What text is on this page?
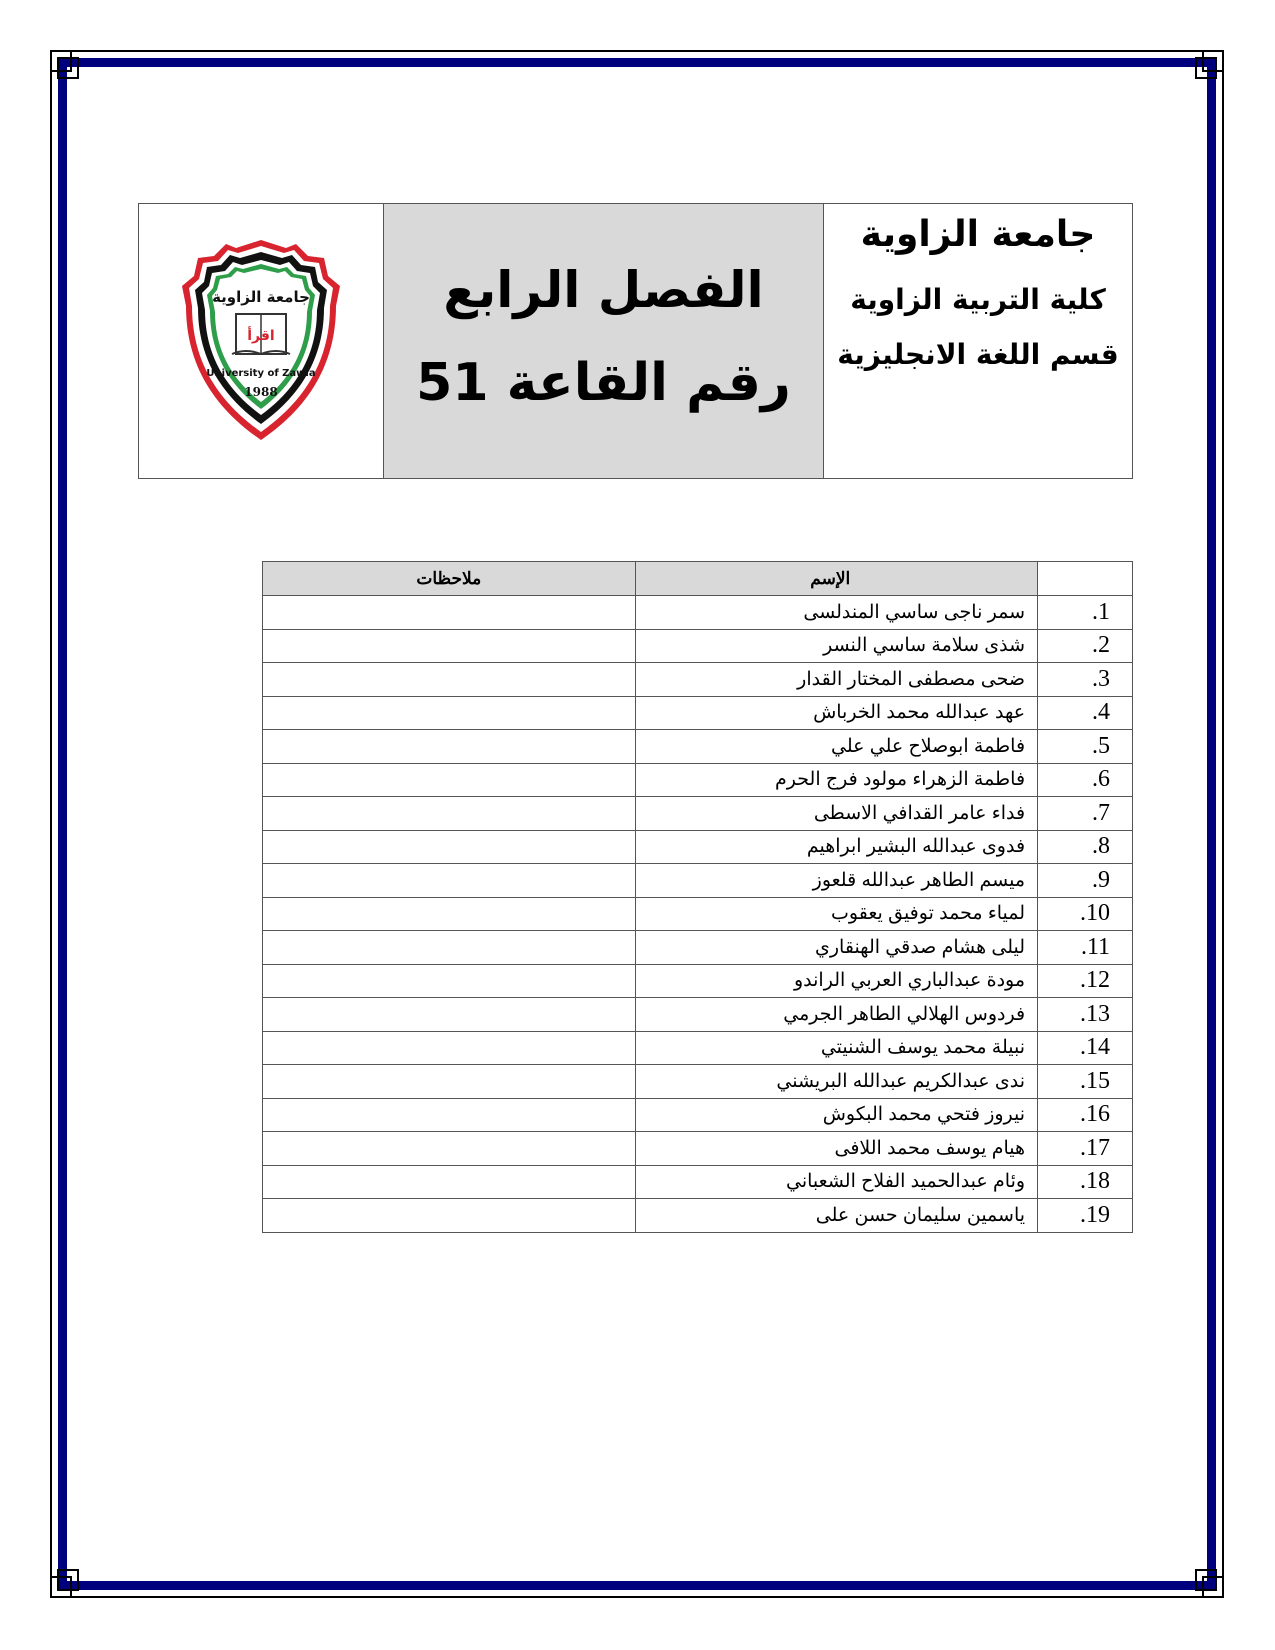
اقرأ
جامعة الزاوية
University of Zawia
1988
الفصل الرابع
رقم القاعة 51
جامعة الزاوية
كلية التربية الزاوية
قسم اللغة الانجليزية
	الإسم	ملاحظات
.1	سمر ناجى ساسي المندلسى	
.2	شذى سلامة ساسي النسر	
.3	ضحى مصطفى المختار القدار	
.4	عهد عبدالله محمد الخرباش	
.5	فاطمة ابوصلاح علي علي	
.6	فاطمة الزهراء مولود فرج الحرم	
.7	فداء عامر القدافي الاسطى	
.8	فدوى عبدالله البشير ابراهيم	
.9	ميسم الطاهر عبدالله قلعوز	
.10	لمياء محمد توفيق يعقوب	
.11	ليلى هشام صدقي الهنقاري	
.12	مودة عبدالباري العربي الراندو	
.13	فردوس الهلالي الطاهر الجرمي	
.14	نبيلة محمد يوسف الشنيتي	
.15	ندى عبدالكريم عبدالله البريشني	
.16	نيروز فتحي محمد البكوش	
.17	هيام يوسف محمد اللافى	
.18	وئام عبدالحميد الفلاح الشعباني	
.19	ياسمين سليمان حسن على	
